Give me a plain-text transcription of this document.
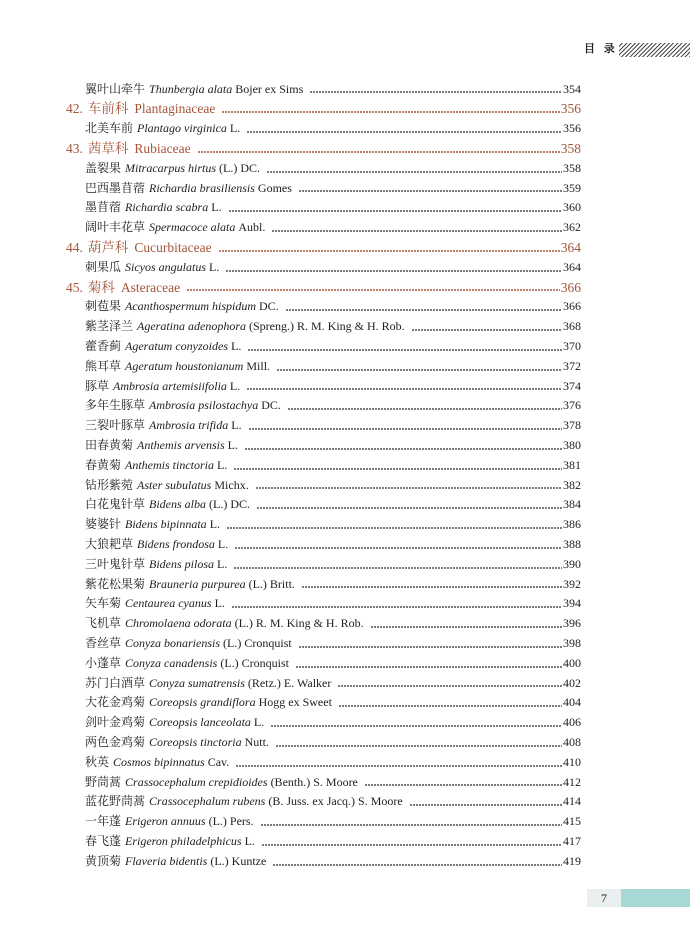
目 录
翼叶山牵牛 Thunbergia alata Bojer ex Sims	354
42. 车前科 Plantaginaceae	356
北美车前 Plantago virginica L.	356
43. 茜草科 Rubiaceae	358
盖裂果 Mitracarpus hirtus (L.) DC.	358
巴西墨苜蓿 Richardia brasiliensis Gomes	359
墨苜蓿 Richardia scabra L.	360
阔叶丰花草 Spermacoce alata Aubl.	362
44. 葫芦科 Cucurbitaceae	364
刺果瓜 Sicyos angulatus L.	364
45. 菊科 Asteraceae	366
刺苞果 Acanthospermum hispidum DC.	366
紫茎泽兰 Ageratina adenophora (Spreng.) R. M. King & H. Rob.	368
藿香蓟 Ageratum conyzoides L.	370
熊耳草 Ageratum houstonianum Mill.	372
豚草 Ambrosia artemisiifolia L.	374
多年生豚草 Ambrosia psilostachya DC.	376
三裂叶豚草 Ambrosia trifida L.	378
田春黄菊 Anthemis arvensis L.	380
春黄菊 Anthemis tinctoria L.	381
钻形紫菀 Aster subulatus Michx.	382
白花鬼针草 Bidens alba (L.) DC.	384
婆婆针 Bidens bipinnata L.	386
大狼耙草 Bidens frondosa L.	388
三叶鬼针草 Bidens pilosa L.	390
紫花松果菊 Brauneria purpurea (L.) Britt.	392
矢车菊 Centaurea cyanus L.	394
飞机草 Chromolaena odorata (L.) R. M. King & H. Rob.	396
香丝草 Conyza bonariensis (L.) Cronquist	398
小蓬草 Conyza canadensis (L.) Cronquist	400
苏门白酒草 Conyza sumatrensis (Retz.) E. Walker	402
大花金鸡菊 Coreopsis grandiflora Hogg ex Sweet	404
剑叶金鸡菊 Coreopsis lanceolata L.	406
两色金鸡菊 Coreopsis tinctoria Nutt.	408
秋英 Cosmos bipinnatus Cav.	410
野茼蒿 Crassocephalum crepidioides (Benth.) S. Moore	412
蓝花野茼蒿 Crassocephalum rubens (B. Juss. ex Jacq.) S. Moore	414
一年蓬 Erigeron annuus (L.) Pers.	415
春飞蓬 Erigeron philadelphicus L.	417
黄顶菊 Flaveria bidentis (L.) Kuntze	419
7
